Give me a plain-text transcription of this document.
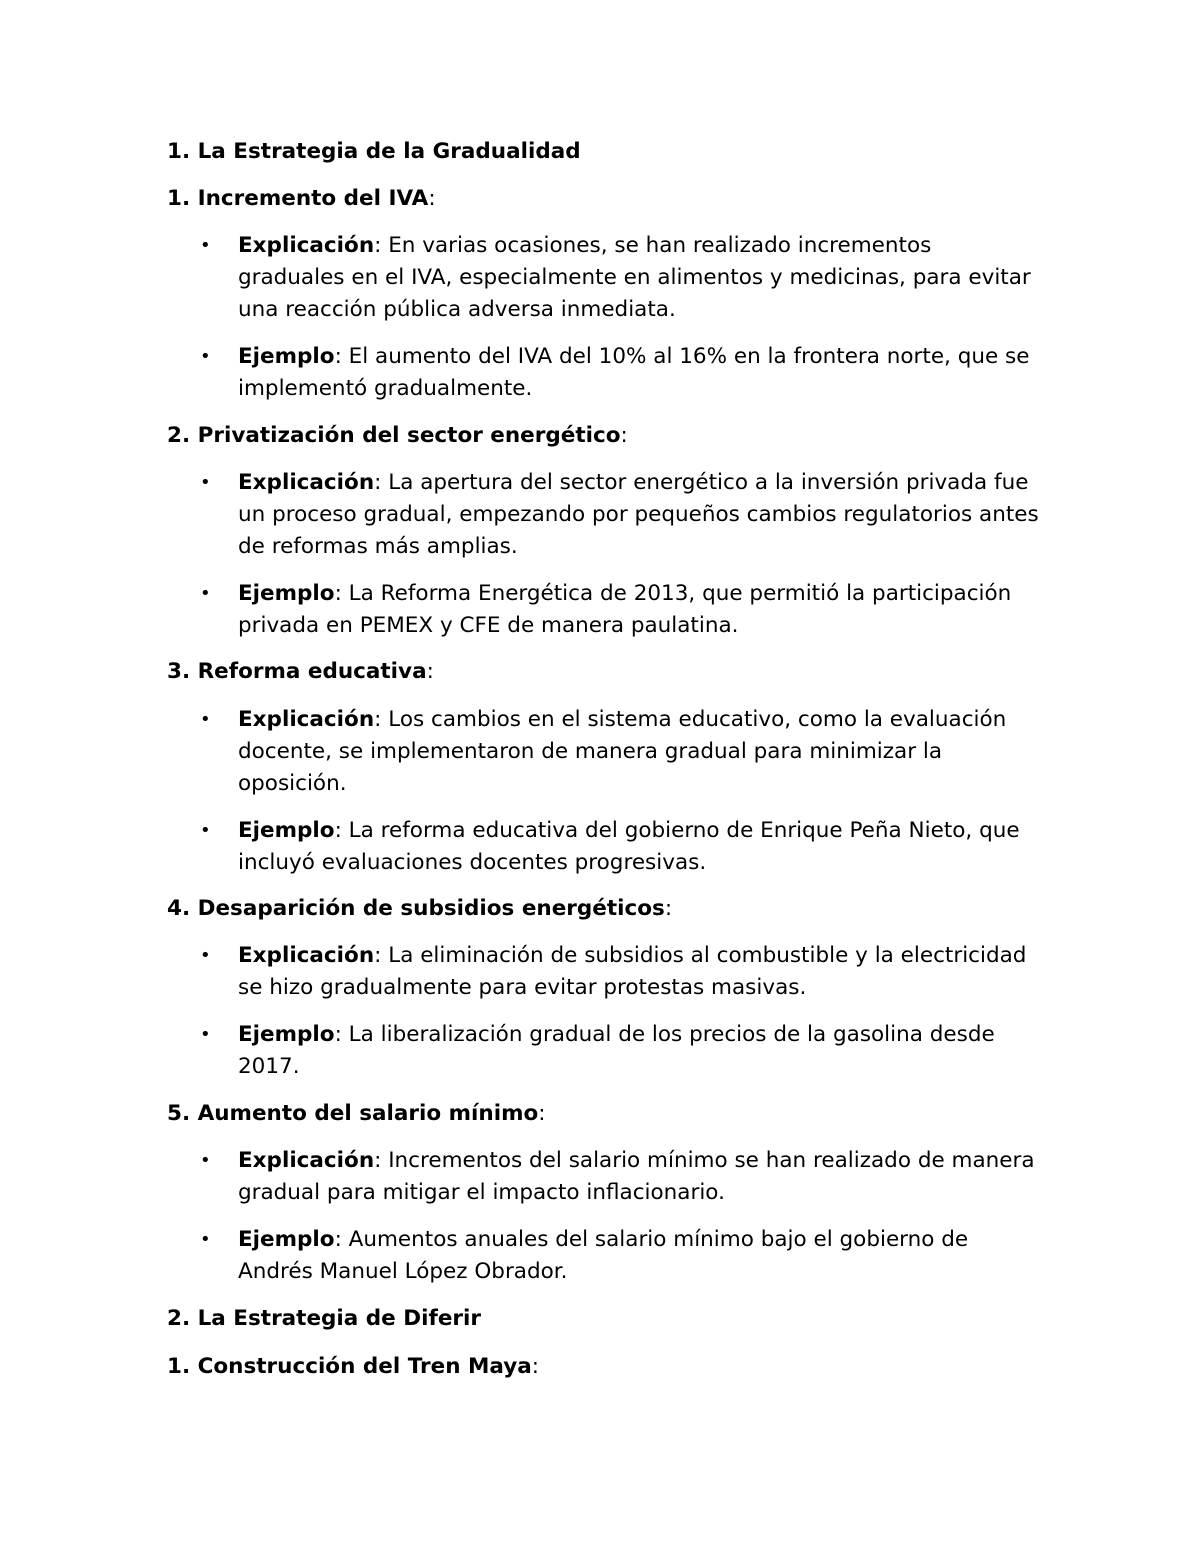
1. La Estrategia de la Gradualidad

1. Incremento del IVA:

•	Explicación: En varias ocasiones, se han realizado incrementos graduales en el IVA, especialmente en alimentos y medicinas, para evitar una reacción pública adversa inmediata.
•	Ejemplo: El aumento del IVA del 10% al 16% en la frontera norte, que se implementó gradualmente.

2. Privatización del sector energético:

•	Explicación: La apertura del sector energético a la inversión privada fue un proceso gradual, empezando por pequeños cambios regulatorios antes de reformas más amplias.
•	Ejemplo: La Reforma Energética de 2013, que permitió la participación privada en PEMEX y CFE de manera paulatina.

3. Reforma educativa:

•	Explicación: Los cambios en el sistema educativo, como la evaluación docente, se implementaron de manera gradual para minimizar la oposición.
•	Ejemplo: La reforma educativa del gobierno de Enrique Peña Nieto, que incluyó evaluaciones docentes progresivas.

4. Desaparición de subsidios energéticos:

•	Explicación: La eliminación de subsidios al combustible y la electricidad se hizo gradualmente para evitar protestas masivas.
•	Ejemplo: La liberalización gradual de los precios de la gasolina desde 2017.

5. Aumento del salario mínimo:

•	Explicación: Incrementos del salario mínimo se han realizado de manera gradual para mitigar el impacto inflacionario.
•	Ejemplo: Aumentos anuales del salario mínimo bajo el gobierno de Andrés Manuel López Obrador.

2. La Estrategia de Diferir

1. Construcción del Tren Maya:
